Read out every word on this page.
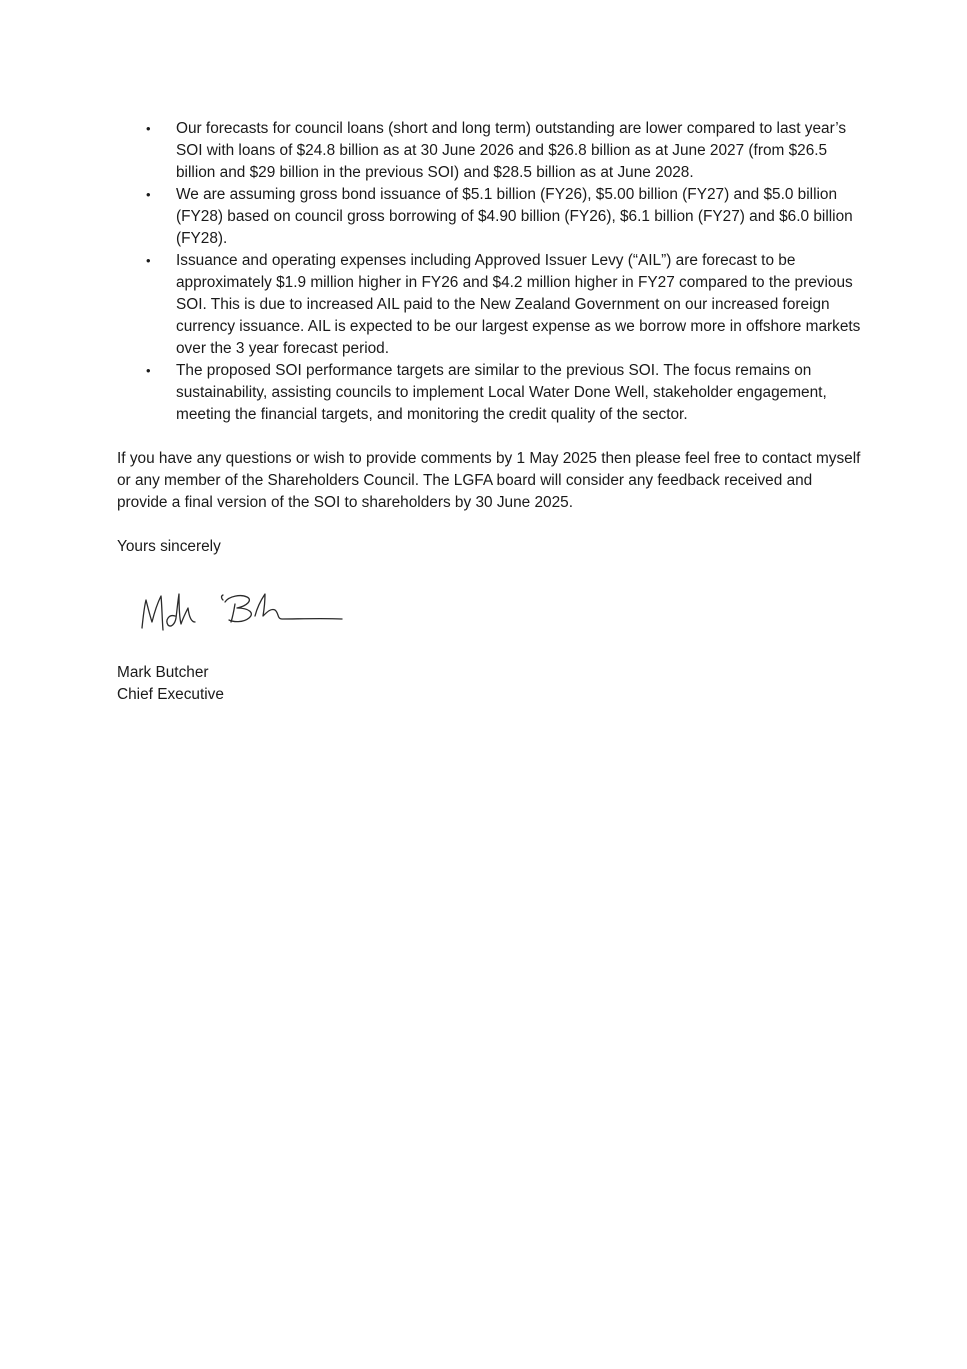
• Our forecasts for council loans (short and long term) outstanding are lower compared to last year’s SOI with loans of $24.8 billion as at 30 June 2026 and $26.8 billion as at June 2027 (from $26.5 billion and $29 billion in the previous SOI) and $28.5 billion as at June 2028.
• We are assuming gross bond issuance of $5.1 billion (FY26), $5.00 billion (FY27) and $5.0 billion (FY28) based on council gross borrowing of $4.90 billion (FY26), $6.1 billion (FY27) and $6.0 billion (FY28).
• Issuance and operating expenses including Approved Issuer Levy (“AIL”) are forecast to be approximately $1.9 million higher in FY26 and $4.2 million higher in FY27 compared to the previous SOI. This is due to increased AIL paid to the New Zealand Government on our increased foreign currency issuance. AIL is expected to be our largest expense as we borrow more in offshore markets over the 3 year forecast period.
• The proposed SOI performance targets are similar to the previous SOI. The focus remains on sustainability, assisting councils to implement Local Water Done Well, stakeholder engagement, meeting the financial targets, and monitoring the credit quality of the sector.

If you have any questions or wish to provide comments by 1 May 2025 then please feel free to contact myself or any member of the Shareholders Council. The LGFA board will consider any feedback received and provide a final version of the SOI to shareholders by 30 June 2025.

Yours sincerely

Mark Butcher

Chief Executive
